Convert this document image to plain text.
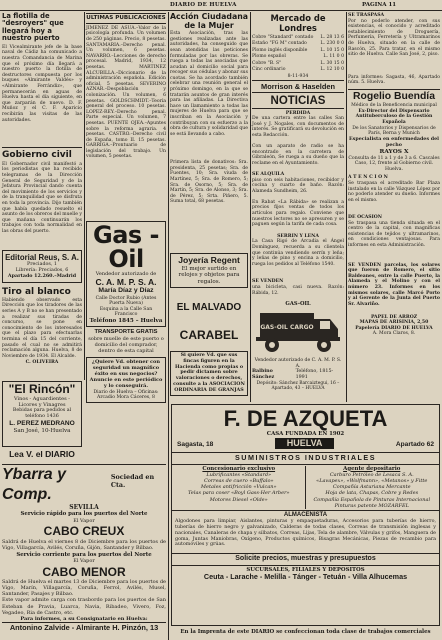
DIARIO DE HUELVA	PAGINA 11
La flotilla de "desroyers" que llegará hoy a nuestro puerto
El Vicealmirante jefe de la base naval de Cádiz ha comunicado a nuestra Comandancia de Marina que el próximo día llegará a nuestro puerto la flotilla de destructores compuesta por los buques «Almirante Valdés» y «Almirante Ferrándiz», que permanecerán en aguas de Huelva hasta el día siguiente, en que zarparán de nuevo. D. F. Muñoz y el C. F. Aparicio recibirán las visitas de las autoridades.
Gobierno civil
El Gobernador civil manifestó a los periodistas que ha recibido telegramas de la Dirección General de Seguridad y de la Jefatura Provincial dando cuenta del movimiento de los servicios y de la tranquilidad que se disfruta en toda la provincia. Dijo también que había quedado resuelto el asunto de los obreros del muelle y que mañana continuarán los trabajos con toda normalidad en las obras del puerto.
Editorial Reus, S. A.
Preciados, 1
Librería: Preciados, 6
Apartado 12.260.–Madrid
Tiro al blanco
Habiendo observado esta Dirección que los tiradores de las series A y B no se han presentado a realizar sus tiradas de concurso, se pone en conocimiento de los interesados que el plazo para efectuarlas termina el día 15 del corriente, pasado el cual no se admitirá reclamación alguna. Huelva, 8 de Noviembre de 1934. El Alcalde.
C. OLIVEIRA
"El Rincón"
Vinos - Aguardientes - Licores y Vinagres
Bebidas para pedidos al teléfono 1436
L. PEREZ MEDRANO
San José, 10-Huelva
Lea V. el DIARIO
ULTIMAS PUBLICACIONES
JIMENEZ DE ASUA.–Valor de la psicología profunda. Un volumen de 250 páginas. Precio, 8 pesetas. SANTAMARIA.–Derecho penal. Un volumen, 6 pesetas. NAVARRO.–Lecciones de derecho procesal. Madrid, 1934, 12 pesetas. MARTINEZ ALCUBILLA.–Diccionario de la administración española. Edición oficial, 5 pesetas. SEVERINO AZNAR.–Despoblación y colonización. Un volumen, 6 pesetas. GOLDSCHMIDT.–Teoría general del proceso. 10 pesetas. LOPEZ-REY.–Derecho penal. Parte especial. Un volumen, 7 pesetas. PUENTE OJEA.–Apuntes sobre la reforma agraria. 4 pesetas. CASTRO.–Derecho civil de España, tomo II. 15 pesetas. GARRIGA.–Prontuario de legislación del trabajo. Un volumen, 5 pesetas.
Gas - Oil
Vendedor autorizado de
C. A. M. P. S. A.
María Díaz y Díaz
Calle Doctor Rubio (Antes Puerta Nueva)
Esquina a la Calle San Francisco
Teléfono 1845 – Huelva
TRANSPORTE GRATIS
sobre muelle de este puerto o domicilio del comprador, dentro de esta capital
¿Quiere Vd. obtener con seguridad un magnífico éxito en sus negocios? Anuncie en este periódico y lo conseguirá.
Diario de Huelva – Oficinas: Arcadio Mora Cáceres, 8
Acción Ciudadana de la Mujer
Esta Asociación, tras las gestiones realizadas ante las autoridades, ha conseguido que sean atendidas las peticiones formuladas por las obreras. Se ruega a todas las asociadas que acudan al domicilio social para recoger sus cédulas y abonar sus cuotas. Se ha acordado también celebrar una reunión general el próximo domingo, en la que se tratarán asuntos de gran interés para las afiliadas. La Directiva hace un llamamiento a todas las mujeres de Huelva para que se inscriban en la Asociación y contribuyan con su esfuerzo a la obra de cultura y solidaridad que se está llevando a cabo.
Primera lista de donativos: Sra. presidenta, 25 pesetas; Sra. de Fuentes, 10; Sra. viuda de Martínez, 5; Sra. de Romero, 5; Sra. de Osorno, 5; Sra. de Martín, 5; Sra. de Alonso, 3; Sra. de Pérez, 5; Srta. Piñero, 5. Suma total, 68 pesetas.
Joyería Regent
El mejor surtido en relojes y objetos para regalos.
EL MALVADO
CARABEL
Si quiere Vd. que sus fincas figuren en la Hacienda como propias o pedir dictamen sobre valoraciones o derechos, consulte a la ASOCIACION ORDINARIA DE GRANJAS
Mercado de Londres
Cobre "Standard" contado L. 28 13 6
Estaño "FG M" contado	L. 230 0 0
Plomo inglés disponible	L. 10 15 0
Plomo español	L. 11 0 0
Cobre "B. S"	L. 30 15 0
Cinc ordinario	L. 12 10 0
8-11-934
Morrison & Haselden
NOTICIAS
PERDIDA
De una cartera entre las calles San José y J. Nogales, con documentos de interés. Se gratificará su devolución en esta Redacción.
Con un aparato de radio se ha encontrado en la carretera de Gibraleón, Se ruega a su dueño que la reclame en el Ayuntamiento.
SE ALQUILA
piso con seis habitaciones, recibidor y cocina y cuarto de baño. Razón: Alameda Sundheim, 26.
En Rabat «La Rábida» se realizan a precios fijos ventas de todos los artículos para regalo. Conviene que nuestros lectores no se apresuren y se paguen según la tarifa de cada cosa.
SERRIN Y LENA
La Casa Rigó de Arcadia el Ángel Domínguez, recuerda a su clientela que continúa vendiendo serrín y leña; y leñas de pino y encina a domicilio, ruega los pedidos al Teléfono 1540.
SE VENDEN
una bicicleta, casi nueva. Razón: Rábida, 12.
GAS-OIL
GAS-OIL CARGO
Vendedor autorizado de C. A. M. P. S. A.
Balbino Sánchez
Teléfono, 1815-1991
Depósito: Sánchez Barcaiztegui, 16 – Apartado, 43 – HUELVA
SE TRASPASA
Por no poderlo atender, con sus existencias, el conocido y acreditado establecimiento de Droguería, Perfumería, Ferretería y Ultramarinos de Huelva, situado en la calle de Rascón, 25. Para tratar, en el mismo sitio de Huelva. Calle San José, 2, piso.
Para informes: Sagasta, 46, Apartado núm. 5. Huelva.
Rogelio Buendía
Médico de la Beneficencia municipal
Ex-Director del Dispensario Antituberculoso de la Gestión Española
De los Sanatorios y Dispensarios de París, Berna y Munich
Especialista en enfermedades del pecho
RAYOS X
Consulta de 11 a 1 y de 3 a 6. Cascales Caso, 12, frente al Gobierno civil. Huelva.
A T E N C I O N
Se traspasa el acreditado Bar Plaza instalado en la calle Vázquez López por no poderlo atender su dueño. Informes en el mismo.
DE OCASION
Se traspasa una tienda situada en el centro de la capital, con magníficas existencias de tejidos y ultramarinos, en condiciones ventajosas. Para informes en esta Administración.
SE VENDEN parcelas, los solares que fueron de Romero, el sitio Baldeanes, entre la calle Puerto, la Alameda y el Molino y con el número 23. Informes en los mismos solares, calle Marcó Porto y al Gerente de la Junta del Puerto Sr. Alvariño.
PAPEL DE ARROZ
MAPAS DE ARISINIA, 2,50
Papelería DIARIO DE HUELVA
A. Mora Claros, 8.
Ybarra y Comp.
Sociedad en Cta.
SEVILLA
Servicio rápido para los puertos del Norte
El Vapor
CABO CREUX
Saldrá de Huelva el viernes 8 de Diciembre para los puertos de Vigo, Villagarcía, Avilés, Coruña, Gijón, Santander y Bilbao.
Servicio corriente para los puertos del Norte
El Vapor
CABO MENOR
Saldrá de Huelva el martes 13 de Diciembre para los puertos de Vigo, Marín, Villagarcía, Coruña, Ferrol, Avilés, Musel, Santander, Pasajes y Bilbao.
Este vapor admite carga con trasbordo para los puertos de San Esteban de Pravia, Luarca, Navia, Ribadeo, Vivero, Foz, Vegadeo, Ria de Castro, etc.
Para informes, a su Consignatario en Huelva:
Antonino Zalvide - Almirante H. Pinzón, 13
F. DE AZQUETA
CASA FUNDADA EN 1902
Sagasta, 18	HUELVA	Apartado 62
SUMINISTROS INDUSTRIALES
Concesionario exclusivo
Lubrificantes «Standard»
Correas de cuero «Buffalo»
Metales antifricción «Vulcan»
Telas para coser «Boyl Gass-Her Arber»
Motores Diesel «Olde»
Agente depositario
Carburo Petróleo de Lesaca S. A.
«Lavapex», «Wolfmann», «Metanos» y Fitte
Compañía Asturiana Mercante
Hoja de lata, Chapas, Cobre y Redes
Compañía Española de Pinturas Internacional
Pinturas patente MOZARFEL
ALMACENISTA
Algodones para limpiar, Aislantes, pinturas y empaquetaduras, Accesorios para tuberías de hierro, tuberías de hierro negro y galvanizado, Calderas de todas clases, Correas de transmisión inglesas y nacionales, Canaleras de chapa y silbatos, Correas, Lijas, Tela de alambre, Válvulas y grifos, Manguera de goma, Juntas Maniobras, Oxígeno, Productos químicos, Bisagras Mecánicas, Piezas de recambio para automóviles y grúas.
Solicite precios, muestras y presupuestos
SUCURSALES, FILIALES Y DEPOSITOS
Ceuta - Larache - Melilla - Tánger - Tetuán - Villa Alhucemas
En la Imprenta de este DIARIO se confeccionan toda clase de trabajos comerciales
